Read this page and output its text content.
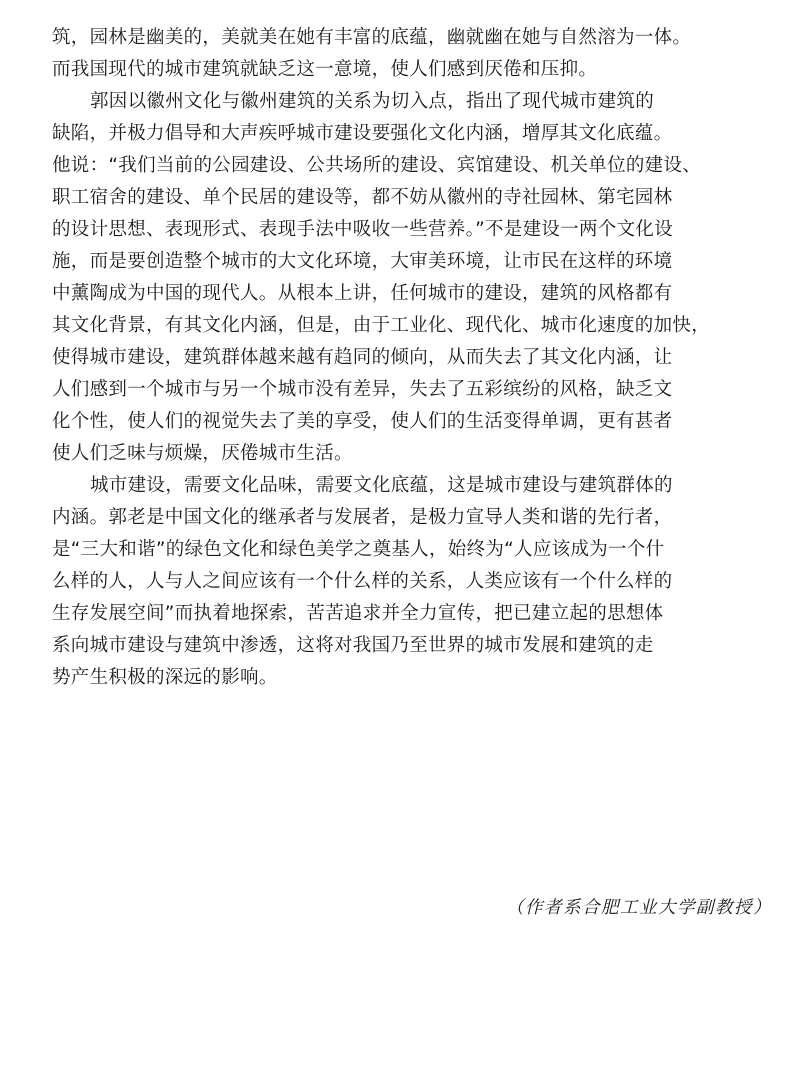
筑，园林是幽美的，美就美在她有丰富的底蕴，幽就幽在她与自然溶为一体。
而我国现代的城市建筑就缺乏这一意境，使人们感到厌倦和压抑。

郭因以徽州文化与徽州建筑的关系为切入点，指出了现代城市建筑的
缺陷，并极力倡导和大声疾呼城市建设要强化文化内涵，增厚其文化底蕴。
他说：“我们当前的公园建设、公共场所的建设、宾馆建设、机关单位的建设、
职工宿舍的建设、单个民居的建设等，都不妨从徽州的寺社园林、第宅园林
的设计思想、表现形式、表现手法中吸收一些营养。”不是建设一两个文化设
施，而是要创造整个城市的大文化环境，大审美环境，让市民在这样的环境
中薰陶成为中国的现代人。从根本上讲，任何城市的建设，建筑的风格都有
其文化背景，有其文化内涵，但是，由于工业化、现代化、城市化速度的加快，
使得城市建设，建筑群体越来越有趋同的倾向，从而失去了其文化内涵，让
人们感到一个城市与另一个城市没有差异，失去了五彩缤纷的风格，缺乏文
化个性，使人们的视觉失去了美的享受，使人们的生活变得单调，更有甚者
使人们乏味与烦燥，厌倦城市生活。

城市建设，需要文化品味，需要文化底蕴，这是城市建设与建筑群体的
内涵。郭老是中国文化的继承者与发展者，是极力宣导人类和谐的先行者，
是“三大和谐”的绿色文化和绿色美学之奠基人，始终为“人应该成为一个什
么样的人，人与人之间应该有一个什么样的关系，人类应该有一个什么样的
生存发展空间”而执着地探索，苦苦追求并全力宣传，把已建立起的思想体
系向城市建设与建筑中渗透，这将对我国乃至世界的城市发展和建筑的走
势产生积极的深远的影响。

（作者系合肥工业大学副教授）
